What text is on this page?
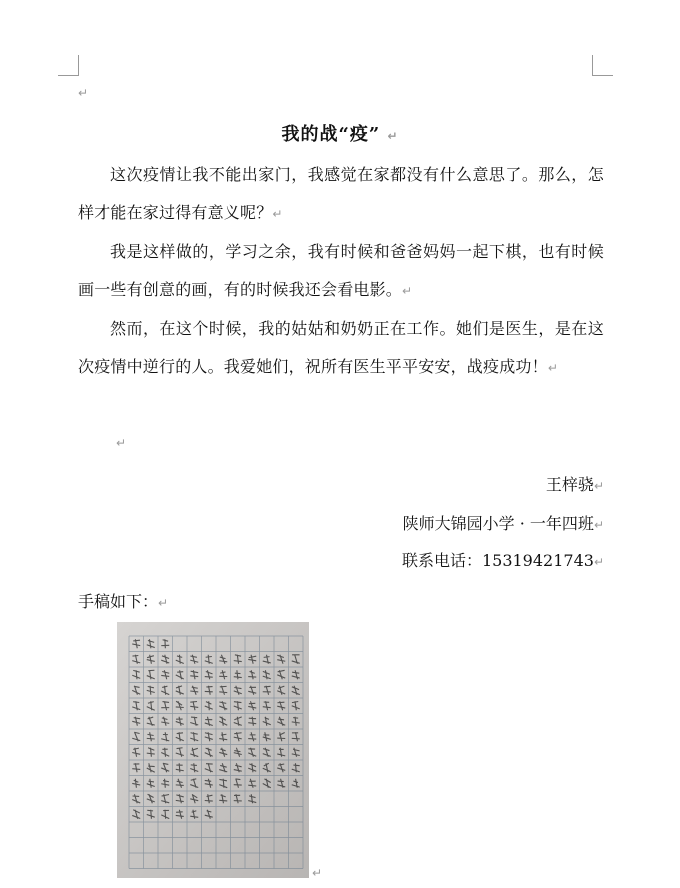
↵
我的战“疫” ↵

这次疫情让我不能出家门，我感觉在家都没有什么意思了。那么，怎样才能在家过得有意义呢？↵

我是这样做的，学习之余，我有时候和爸爸妈妈一起下棋，也有时候画一些有创意的画，有的时候我还会看电影。↵

然而，在这个时候，我的姑姑和奶奶正在工作。她们是医生，是在这次疫情中逆行的人。我爱她们，祝所有医生平平安安，战疫成功！↵

↵
王梓骁↵
陕师大锦园小学 · 一年四班↵
联系电话：15319421743↵
手稿如下：↵
↵
